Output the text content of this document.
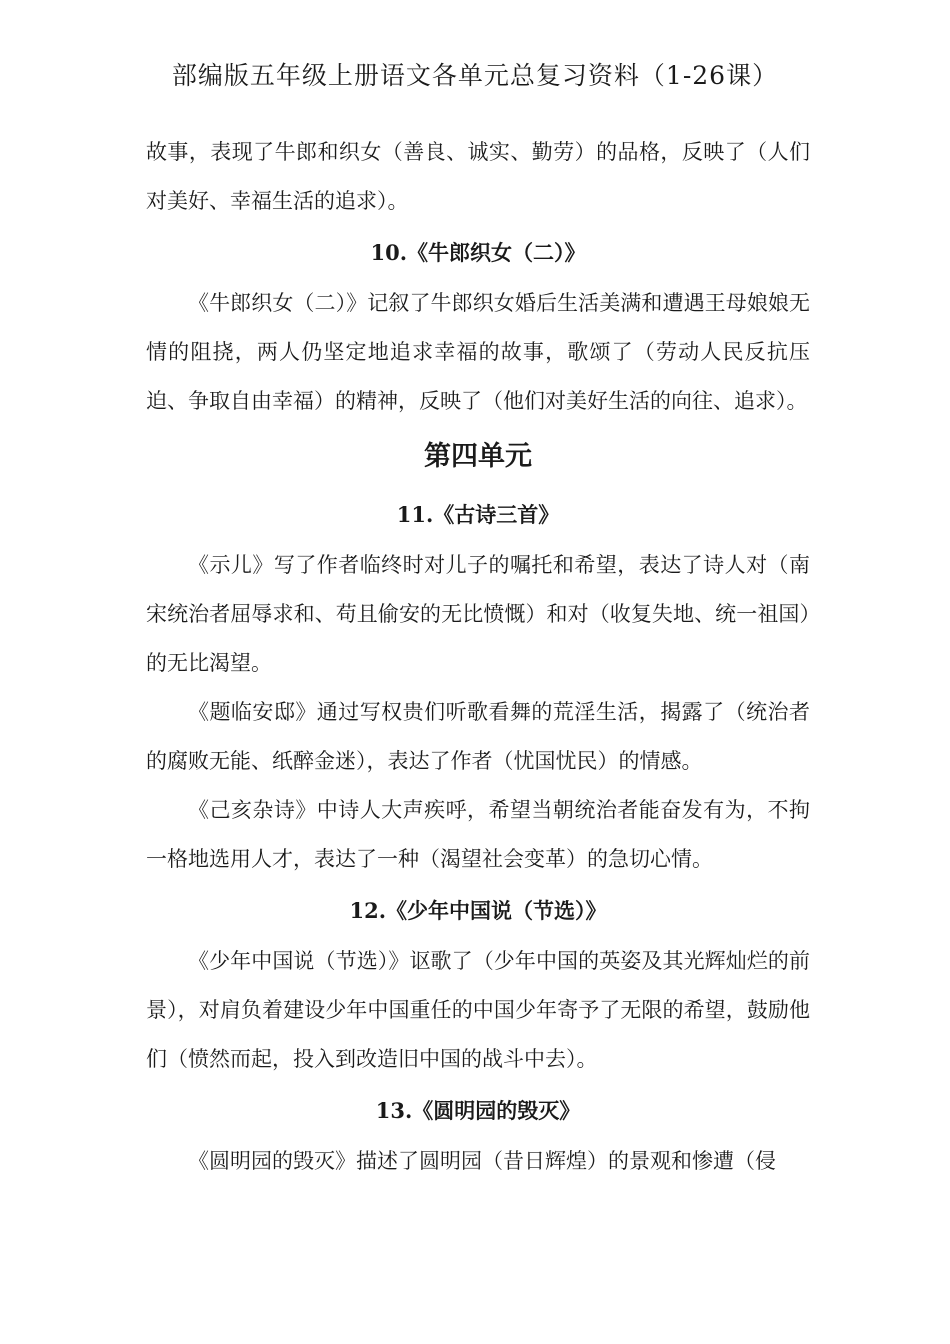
部编版五年级上册语文各单元总复习资料（1-26课）

故事，表现了牛郎和织女（善良、诚实、勤劳）的品格，反映了（人们对美好、幸福生活的追求）。

10.《牛郎织女（二）》

《牛郎织女（二）》记叙了牛郎织女婚后生活美满和遭遇王母娘娘无情的阻挠，两人仍坚定地追求幸福的故事，歌颂了（劳动人民反抗压迫、争取自由幸福）的精神，反映了（他们对美好生活的向往、追求）。

第四单元
11.《古诗三首》

《示儿》写了作者临终时对儿子的嘱托和希望，表达了诗人对（南宋统治者屈辱求和、苟且偷安的无比愤慨）和对（收复失地、统一祖国）的无比渴望。

《题临安邸》通过写权贵们听歌看舞的荒淫生活，揭露了（统治者的腐败无能、纸醉金迷），表达了作者（忧国忧民）的情感。

《己亥杂诗》中诗人大声疾呼，希望当朝统治者能奋发有为，不拘一格地选用人才，表达了一种（渴望社会变革）的急切心情。

12.《少年中国说（节选）》

《少年中国说（节选）》讴歌了（少年中国的英姿及其光辉灿烂的前景），对肩负着建设少年中国重任的中国少年寄予了无限的希望，鼓励他们（愤然而起，投入到改造旧中国的战斗中去）。

13.《圆明园的毁灭》

《圆明园的毁灭》描述了圆明园（昔日辉煌）的景观和惨遭（侵
